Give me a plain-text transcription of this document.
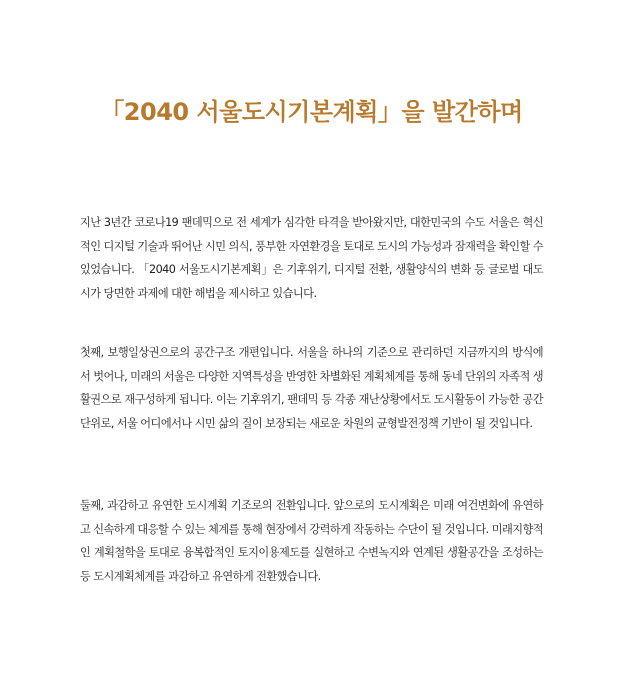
「2040 서울도시기본계획」을 발간하며

지난 3년간 코로나19 팬데믹으로 전 세계가 심각한 타격을 받아왔지만, 대한민국의 수도 서울은 혁신적인 디지털 기술과 뛰어난 시민 의식, 풍부한 자연환경을 토대로 도시의 가능성과 잠재력을 확인할 수 있었습니다. 「2040 서울도시기본계획」은 기후위기, 디지털 전환, 생활양식의 변화 등 글로벌 대도시가 당면한 과제에 대한 해법을 제시하고 있습니다.

첫째, 보행일상권으로의 공간구조 개편입니다. 서울을 하나의 기준으로 관리하던 지금까지의 방식에서 벗어나, 미래의 서울은 다양한 지역특성을 반영한 차별화된 계획체계를 통해 동네 단위의 자족적 생활권으로 재구성하게 됩니다. 이는 기후위기, 팬데믹 등 각종 재난상황에서도 도시활동이 가능한 공간단위로, 서울 어디에서나 시민 삶의 질이 보장되는 새로운 차원의 균형발전정책 기반이 될 것입니다.

둘째, 과감하고 유연한 도시계획 기조로의 전환입니다. 앞으로의 도시계획은 미래 여건변화에 유연하고 신속하게 대응할 수 있는 체계를 통해 현장에서 강력하게 작동하는 수단이 될 것입니다. 미래지향적인 계획철학을 토대로 융복합적인 토지이용제도를 실현하고 수변녹지와 연계된 생활공간을 조성하는 등 도시계획체계를 과감하고 유연하게 전환했습니다.
